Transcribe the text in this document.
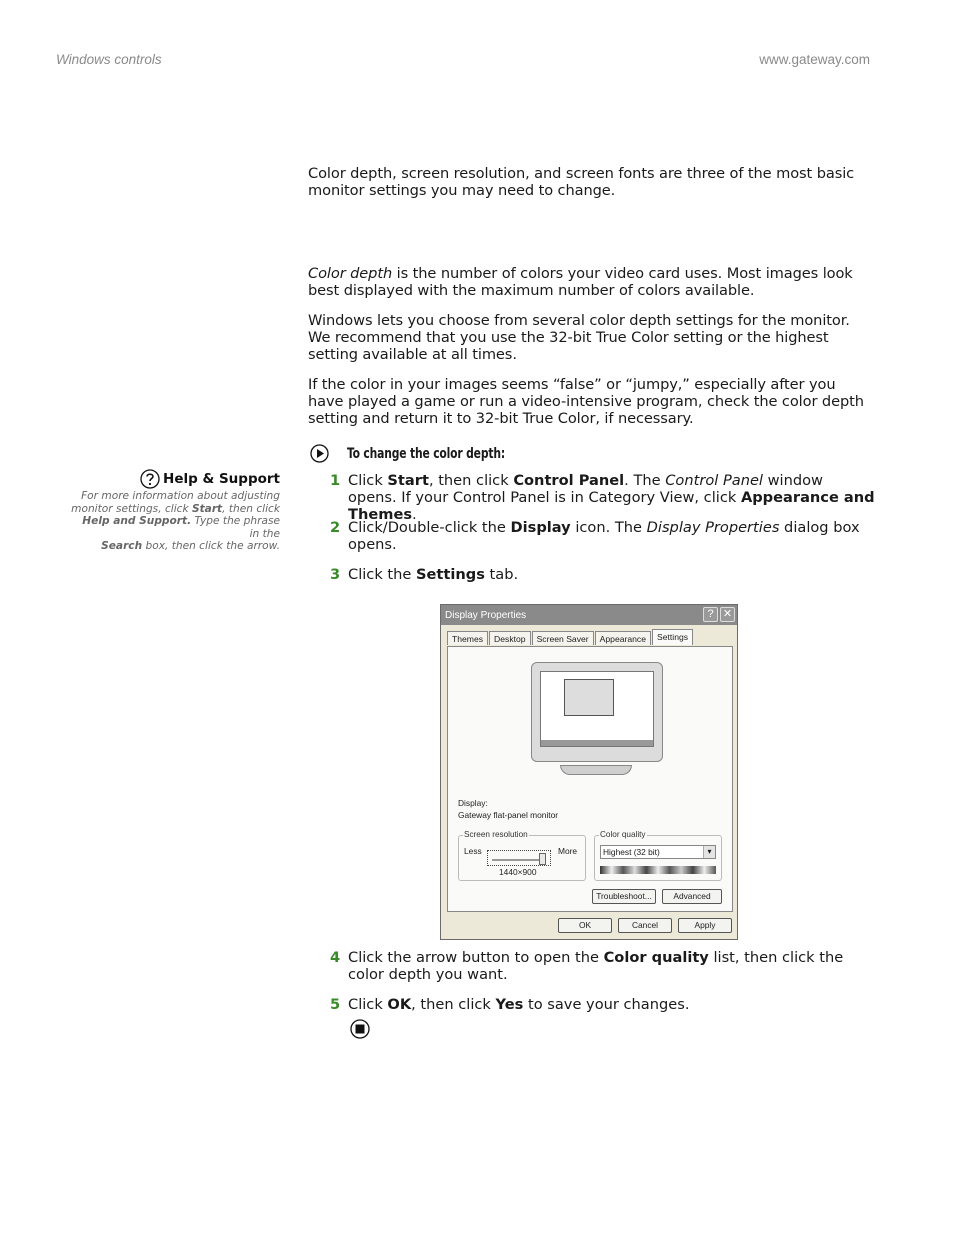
Windows controls	www.gateway.com

Color depth, screen resolution, and screen fonts are three of the most basic monitor settings you may need to change.

Color depth is the number of colors your video card uses. Most images look best displayed with the maximum number of colors available.

Windows lets you choose from several color depth settings for the monitor. We recommend that you use the 32-bit True Color setting or the highest setting available at all times.

If the color in your images seems “false” or “jumpy,” especially after you have played a game or run a video-intensive program, check the color depth setting and return it to 32-bit True Color, if necessary.

To change the color depth:
Help & Support
For more information about adjusting monitor settings, click Start, then click Help and Support. Type the phrase
in the
Search box, then click the arrow.
1 Click Start, then click Control Panel. The Control Panel window opens. If your Control Panel is in Category View, click Appearance and Themes.
2 Click/Double-click the Display icon. The Display Properties dialog box opens.
3 Click the Settings tab.
Display Properties	? ✕
Themes	Desktop	Screen Saver	Appearance	Settings
Display:
Gateway flat-panel monitor
Screen resolution
Less	More
1440×900
Color quality
Highest (32 bit)	▾
Troubleshoot...	Advanced
OK	Cancel	Apply
4 Click the arrow button to open the Color quality list, then click the color depth you want.
5 Click OK, then click Yes to save your changes.
